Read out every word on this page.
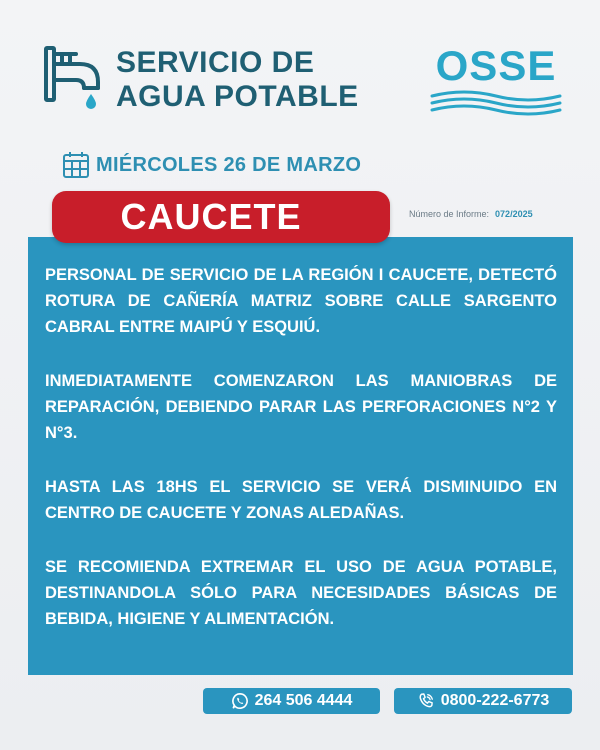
SERVICIO DE
AGUA POTABLE
OSSE
MIÉRCOLES 26 DE MARZO
CAUCETE	Número de Informe: 072/2025

PERSONAL DE SERVICIO DE LA REGIÓN I CAUCETE, DETECTÓ ROTURA DE CAÑERÍA MATRIZ SOBRE CALLE SARGENTO CABRAL ENTRE MAIPÚ Y ESQUIÚ.

INMEDIATAMENTE COMENZARON LAS MANIOBRAS DE REPARACIÓN, DEBIENDO PARAR LAS PERFORACIONES N°2 Y N°3.

HASTA LAS 18HS EL SERVICIO SE VERÁ DISMINUIDO EN CENTRO DE CAUCETE Y ZONAS ALEDAÑAS.

SE RECOMIENDA EXTREMAR EL USO DE AGUA POTABLE, DESTINANDOLA SÓLO PARA NECESIDADES BÁSICAS DE BEBIDA, HIGIENE Y ALIMENTACIÓN.

264 506 4444	0800-222-6773
